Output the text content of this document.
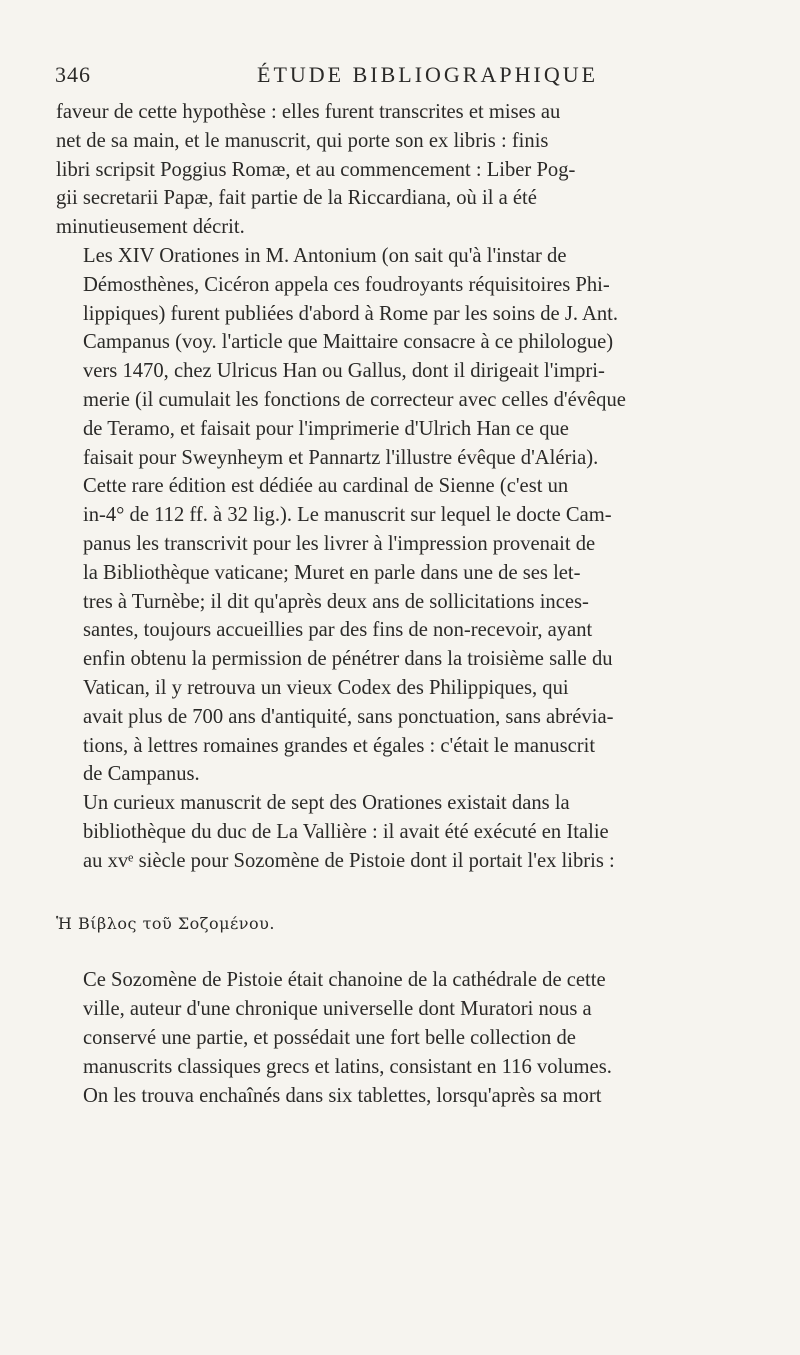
346	ÉTUDE BIBLIOGRAPHIQUE

faveur de cette hypothèse : elles furent transcrites et mises au
net de sa main, et le manuscrit, qui porte son ex libris : finis
libri scripsit Poggius Romæ, et au commencement : Liber Pog-
gii secretarii Papæ, fait partie de la Riccardiana, où il a été
minutieusement décrit.

Les XIV Orationes in M. Antonium (on sait qu'à l'instar de
Démosthènes, Cicéron appela ces foudroyants réquisitoires Phi-
lippiques) furent publiées d'abord à Rome par les soins de J. Ant.
Campanus (voy. l'article que Maittaire consacre à ce philologue)
vers 1470, chez Ulricus Han ou Gallus, dont il dirigeait l'impri-
merie (il cumulait les fonctions de correcteur avec celles d'évêque
de Teramo, et faisait pour l'imprimerie d'Ulrich Han ce que
faisait pour Sweynheym et Pannartz l'illustre évêque d'Aléria).
Cette rare édition est dédiée au cardinal de Sienne (c'est un
in-4° de 112 ff. à 32 lig.). Le manuscrit sur lequel le docte Cam-
panus les transcrivit pour les livrer à l'impression provenait de
la Bibliothèque vaticane; Muret en parle dans une de ses let-
tres à Turnèbe; il dit qu'après deux ans de sollicitations inces-
santes, toujours accueillies par des fins de non-recevoir, ayant
enfin obtenu la permission de pénétrer dans la troisième salle du
Vatican, il y retrouva un vieux Codex des Philippiques, qui
avait plus de 700 ans d'antiquité, sans ponctuation, sans abrévia-
tions, à lettres romaines grandes et égales : c'était le manuscrit
de Campanus.

Un curieux manuscrit de sept des Orationes existait dans la
bibliothèque du duc de La Vallière : il avait été exécuté en Italie
au xvᵉ siècle pour Sozomène de Pistoie dont il portait l'ex libris :

Ἡ Βίβλος τοῦ Σοζομένου.

Ce Sozomène de Pistoie était chanoine de la cathédrale de cette
ville, auteur d'une chronique universelle dont Muratori nous a
conservé une partie, et possédait une fort belle collection de
manuscrits classiques grecs et latins, consistant en 116 volumes.
On les trouva enchaînés dans six tablettes, lorsqu'après sa mort
